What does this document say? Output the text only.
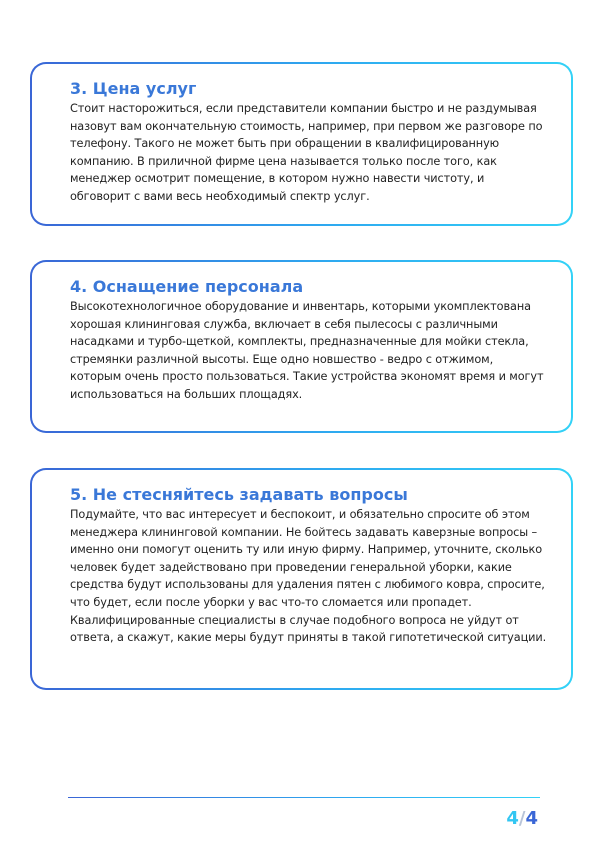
3. Цена услуг

Стоит насторожиться, если представители компании быстро и не раздумывая назовут вам окончательную стоимость, например, при первом же разговоре по телефону. Такого не может быть при обращении в квалифицированную компанию. В приличной фирме цена называется только после того, как менеджер осмотрит помещение, в котором нужно навести чистоту, и обговорит с вами весь необходимый спектр услуг.

4. Оснащение персонала

Высокотехнологичное оборудование и инвентарь, которыми укомплектована хорошая клининговая служба, включает в себя пылесосы с различными насадками и турбо-щеткой, комплекты, предназначенные для мойки стекла, стремянки различной высоты. Еще одно новшество - ведро с отжимом, которым очень просто пользоваться. Такие устройства экономят время и могут использоваться на больших площадях.

5. Не стесняйтесь задавать вопросы

Подумайте, что вас интересует и беспокоит, и обязательно спросите об этом менеджера клининговой компании. Не бойтесь задавать каверзные вопросы – именно они помогут оценить ту или иную фирму. Например, уточните, сколько человек будет задействовано при проведении генеральной уборки, какие средства будут использованы для удаления пятен с любимого ковра, спросите, что будет, если после уборки у вас что-то сломается или пропадет. Квалифицированные специалисты в случае подобного вопроса не уйдут от ответа, а скажут, какие меры будут приняты в такой гипотетической ситуации.

4/4
